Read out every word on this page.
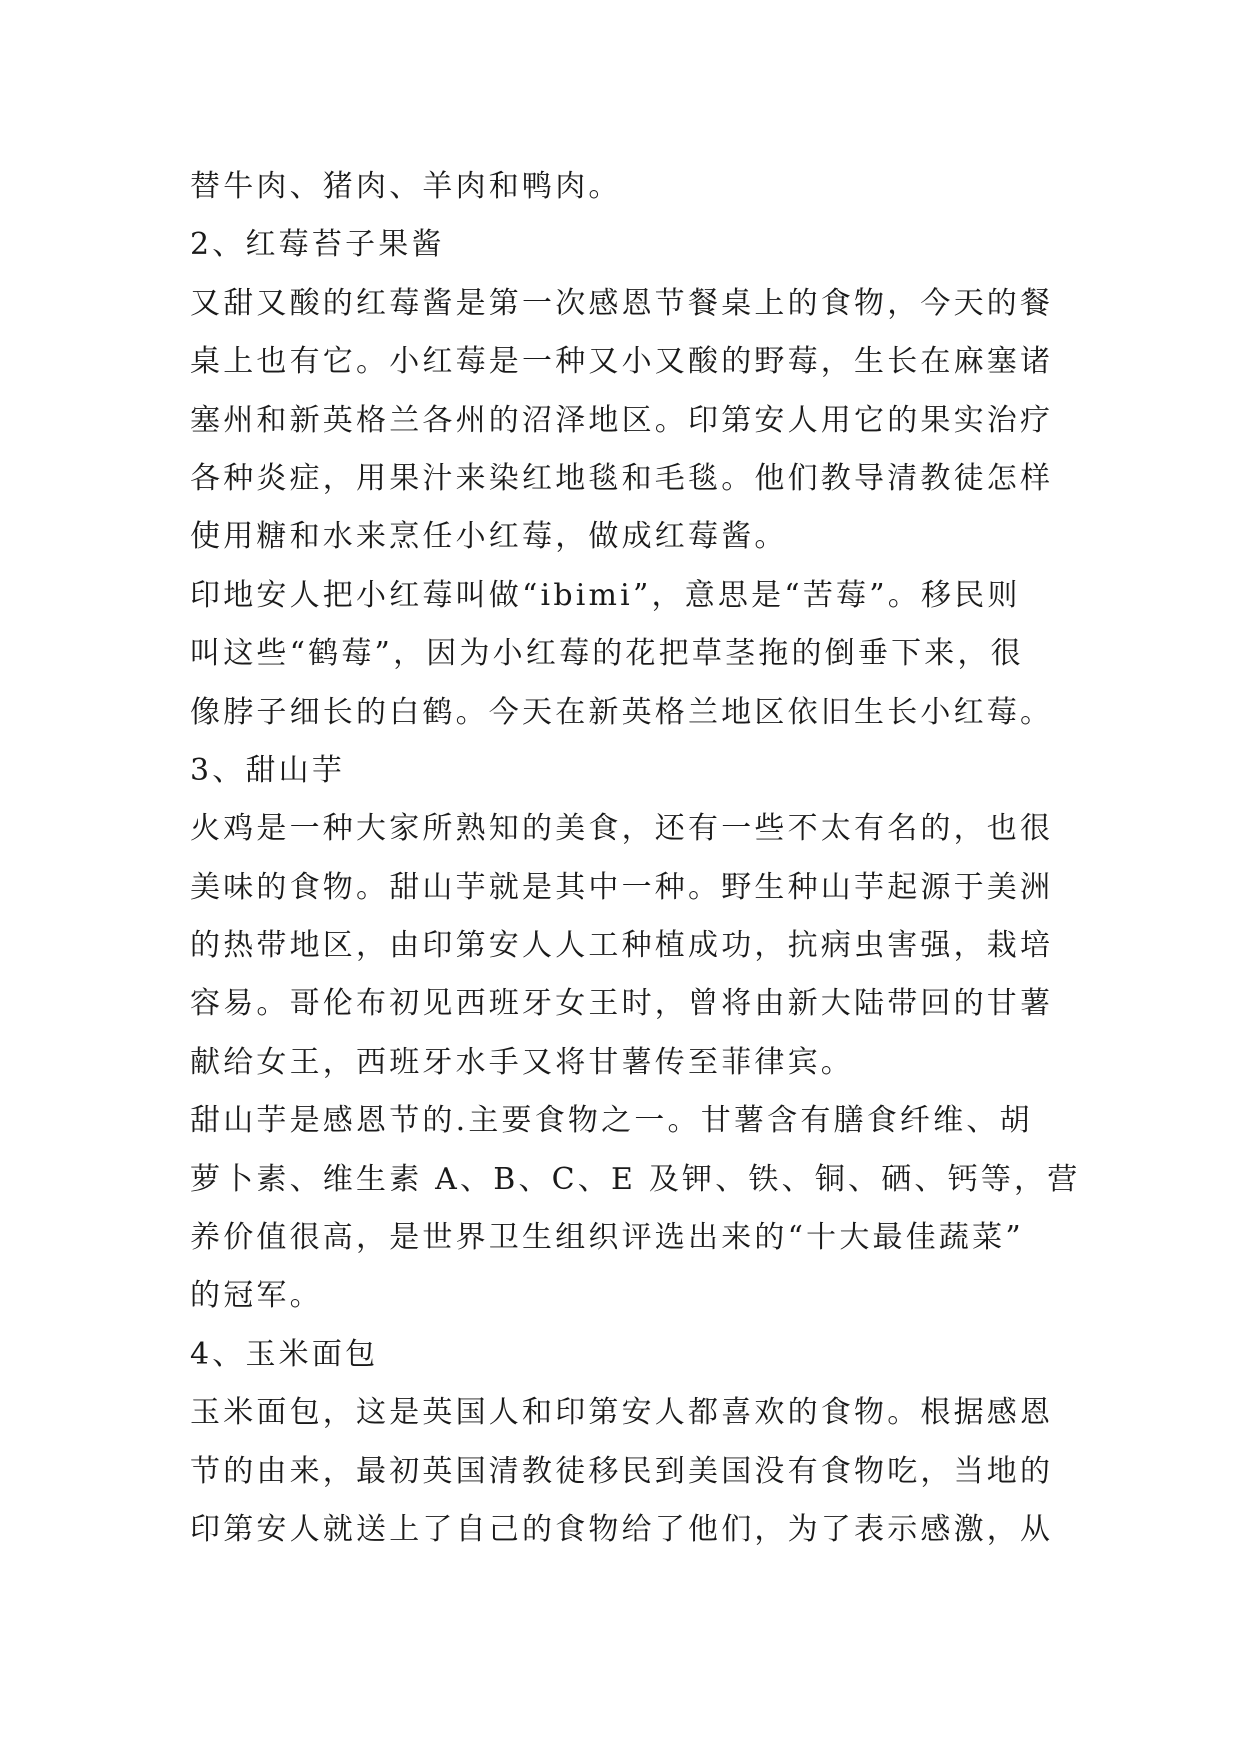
替牛肉、猪肉、羊肉和鸭肉。
2、红莓苔子果酱
又甜又酸的红莓酱是第一次感恩节餐桌上的食物，今天的餐
桌上也有它。小红莓是一种又小又酸的野莓，生长在麻塞诸
塞州和新英格兰各州的沼泽地区。印第安人用它的果实治疗
各种炎症，用果汁来染红地毯和毛毯。他们教导清教徒怎样
使用糖和水来烹任小红莓，做成红莓酱。
印地安人把小红莓叫做“ibimi”，意思是“苦莓”。移民则
叫这些“鹤莓”，因为小红莓的花把草茎拖的倒垂下来，很
像脖子细长的白鹤。今天在新英格兰地区依旧生长小红莓。
3、甜山芋
火鸡是一种大家所熟知的美食，还有一些不太有名的，也很
美味的食物。甜山芋就是其中一种。野生种山芋起源于美洲
的热带地区，由印第安人人工种植成功，抗病虫害强，栽培
容易。哥伦布初见西班牙女王时，曾将由新大陆带回的甘薯
献给女王，西班牙水手又将甘薯传至菲律宾。
甜山芋是感恩节的.主要食物之一。甘薯含有膳食纤维、胡
萝卜素、维生素 A、B、C、E 及钾、铁、铜、硒、钙等，营
养价值很高，是世界卫生组织评选出来的“十大最佳蔬菜”
的冠军。
4、玉米面包
玉米面包，这是英国人和印第安人都喜欢的食物。根据感恩
节的由来，最初英国清教徒移民到美国没有食物吃，当地的
印第安人就送上了自己的食物给了他们，为了表示感激，从
